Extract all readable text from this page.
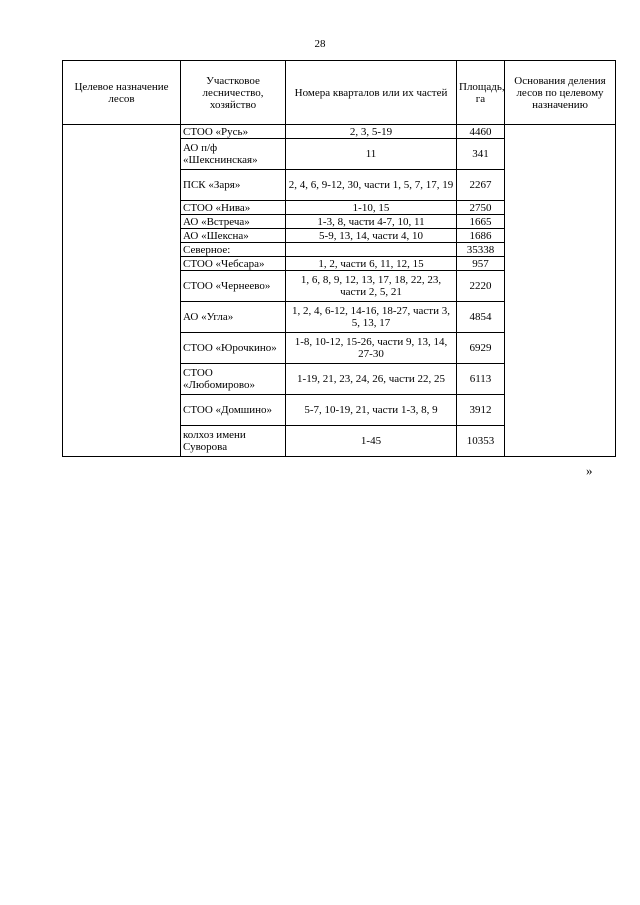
28
Целевое назначение лесов	Участковое лесничество, хозяйство	Номера кварталов или их частей	Площадь, га	Основания деления лесов по целевому назначению
	СТОО «Русь»	2, 3, 5-19	4460	
	АО п/ф «Шекснинская»	11	341	
	ПСК «Заря»	2, 4, 6, 9-12, 30, части 1, 5, 7, 17, 19	2267	
	СТОО «Нива»	1-10, 15	2750	
	АО «Встреча»	1-3, 8, части 4-7, 10, 11	1665	
	АО «Шексна»	5-9, 13, 14, части 4, 10	1686	
	Северное:		35338	
	СТОО «Чебсара»	1, 2, части 6, 11, 12, 15	957	
	СТОО «Чернеево»	1, 6, 8, 9, 12, 13, 17, 18, 22, 23, части 2, 5, 21	2220	
	АО «Угла»	1, 2, 4, 6-12, 14-16, 18-27, части 3, 5, 13, 17	4854	
	СТОО «Юрочкино»	1-8, 10-12, 15-26, части 9, 13, 14, 27-30	6929	
	СТОО «Любомирово»	1-19, 21, 23, 24, 26, части 22, 25	6113	
	СТОО «Домшино»	5-7, 10-19, 21, части 1-3, 8, 9	3912	
	колхоз имени Суворова	1-45	10353	
»
